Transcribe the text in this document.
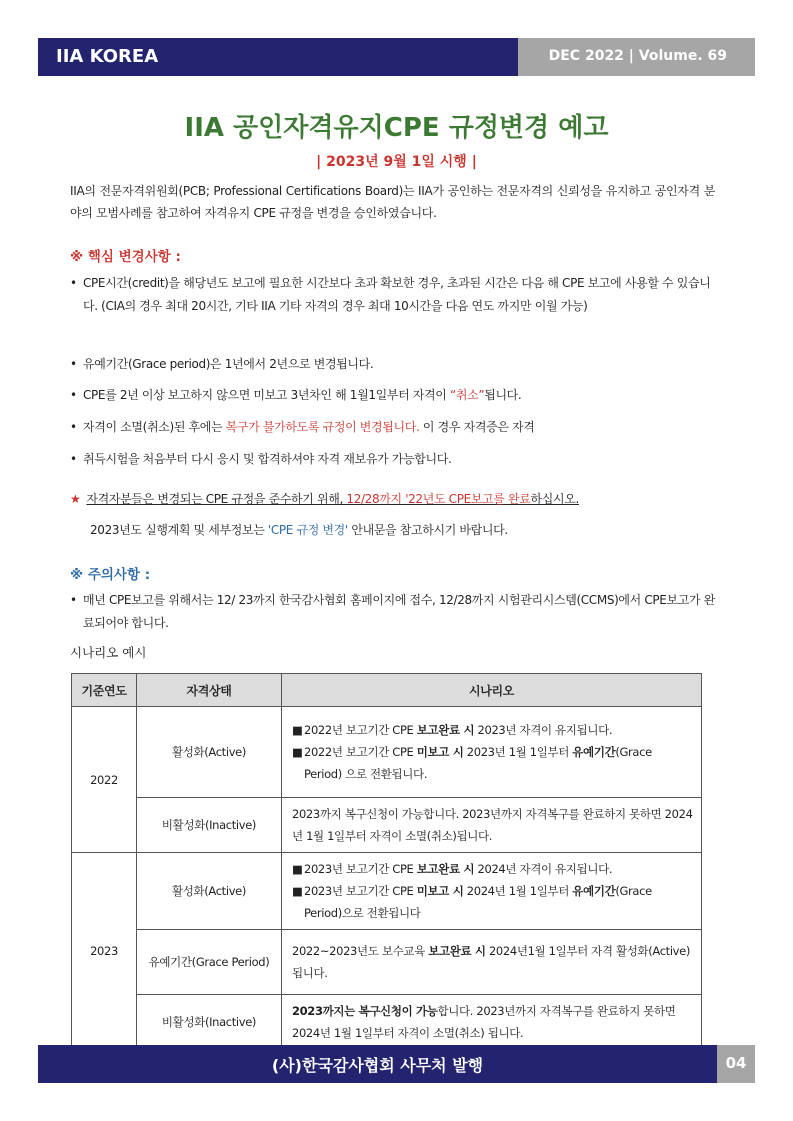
IIA KOREA	DEC 2022 | Volume. 69
IIA 공인자격유지CPE 규정변경 예고
| 2023년 9월 1일 시행 |
IIA의 전문자격위원회(PCB; Professional Certifications Board)는 IIA가 공인하는 전문자격의 신뢰성을 유지하고 공인자격 분야의 모범사례를 참고하여 자격유지 CPE 규정을 변경을 승인하였습니다.
※ 핵심 변경사항 :
• CPE시간(credit)을 해당년도 보고에 필요한 시간보다 초과 확보한 경우, 초과된 시간은 다음 해 CPE 보고에 사용할 수 있습니다. (CIA의 경우 최대 20시간, 기타 IIA 기타 자격의 경우 최대 10시간을 다음 연도 까지만 이월 가능)
• 유예기간(Grace period)은 1년에서 2년으로 변경됩니다.
• CPE를 2년 이상 보고하지 않으면 미보고 3년차인 해 1월1일부터 자격이 “취소”됩니다.
• 자격이 소멸(취소)된 후에는 복구가 불가하도록 규정이 변경됩니다. 이 경우 자격증은 자격
• 취득시험을 처음부터 다시 응시 및 합격하셔야 자격 재보유가 가능합니다.
★ 자격자분들은 변경되는 CPE 규정을 준수하기 위해, 12/28까지 '22년도 CPE보고를 완료하십시오.
2023년도 실행계획 및 세부정보는 'CPE 규정 변경' 안내문을 참고하시기 바랍니다.
※ 주의사항 :
• 매년 CPE보고를 위해서는 12/ 23까지 한국감사협회 홈페이지에 접수, 12/28까지 시험관리시스템(CCMS)에서 CPE보고가 완료되어야 합니다.
시나리오 예시
기준연도	자격상태	시나리오
2022	활성화(Active)	■ 2022년 보고기간 CPE 보고완료 시 2023년 자격이 유지됩니다.
■ 2022년 보고기간 CPE 미보고 시 2023년 1월 1일부터 유예기간(Grace Period) 으로 전환됩니다.

	비활성화(Inactive)	2023까지 복구신청이 가능합니다. 2023년까지 자격복구를 완료하지 못하면 2024년 1월 1일부터 자격이 소멸(취소)됩니다.
2023	활성화(Active)	■ 2023년 보고기간 CPE 보고완료 시 2024년 자격이 유지됩니다.
■ 2023년 보고기간 CPE 미보고 시 2024년 1월 1일부터 유예기간(Grace Period)으로 전환됩니다

	유예기간(Grace Period)	2022~2023년도 보수교육 보고완료 시 2024년1월 1일부터 자격 활성화(Active) 됩니다.
	비활성화(Inactive)	2023까지는 복구신청이 가능합니다. 2023년까지 자격복구를 완료하지 못하면 2024년 1월 1일부터 자격이 소멸(취소) 됩니다.
(사)한국감사협회 사무처 발행	04
